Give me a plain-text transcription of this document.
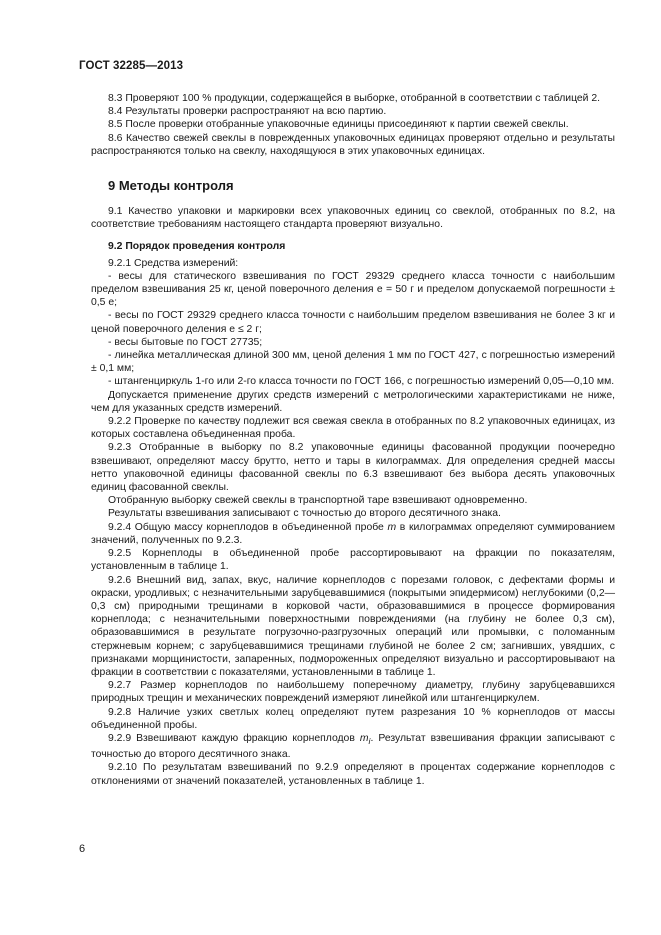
ГОСТ 32285—2013

8.3 Проверяют 100 % продукции, содержащейся в выборке, отобранной в соответствии с таблицей 2.

8.4 Результаты проверки распространяют на всю партию.

8.5 После проверки отобранные упаковочные единицы присоединяют к партии свежей свеклы.

8.6 Качество свежей свеклы в поврежденных упаковочных единицах проверяют отдельно и результаты распространяются только на свеклу, находящуюся в этих упаковочных единицах.

9 Методы контроля

9.1 Качество упаковки и маркировки всех упаковочных единиц со свеклой, отобранных по 8.2, на соответствие требованиям настоящего стандарта проверяют визуально.

9.2 Порядок проведения контроля

9.2.1 Средства измерений:

- весы для статического взвешивания по ГОСТ 29329 среднего класса точности с наибольшим пределом взвешивания 25 кг, ценой поверочного деления е = 50 г и пределом допускаемой погрешности ± 0,5 е;

- весы по ГОСТ 29329 среднего класса точности с наибольшим пределом взвешивания не более 3 кг и ценой поверочного деления е ≤ 2 г;

- весы бытовые по ГОСТ 27735;

- линейка металлическая длиной 300 мм, ценой деления 1 мм по ГОСТ 427, с погрешностью измерений ± 0,1 мм;

- штангенциркуль 1-го или 2-го класса точности по ГОСТ 166, с погрешностью измерений 0,05—0,10 мм.

Допускается применение других средств измерений с метрологическими характеристиками не ниже, чем для указанных средств измерений.

9.2.2 Проверке по качеству подлежит вся свежая свекла в отобранных по 8.2 упаковочных единицах, из которых составлена объединенная проба.

9.2.3 Отобранные в выборку по 8.2 упаковочные единицы фасованной продукции поочередно взвешивают, определяют массу брутто, нетто и тары в килограммах. Для определения средней массы нетто упаковочной единицы фасованной свеклы по 6.3 взвешивают без выбора десять упаковочных единиц фасованной свеклы.

Отобранную выборку свежей свеклы в транспортной таре взвешивают одновременно.

Результаты взвешивания записывают с точностью до второго десятичного знака.

9.2.4 Общую массу корнеплодов в объединенной пробе m в килограммах определяют суммированием значений, полученных по 9.2.3.

9.2.5 Корнеплоды в объединенной пробе рассортировывают на фракции по показателям, установленным в таблице 1.

9.2.6 Внешний вид, запах, вкус, наличие корнеплодов с порезами головок, с дефектами формы и окраски, уродливых; с незначительными зарубцевавшимися (покрытыми эпидермисом) неглубокими (0,2—0,3 см) природными трещинами в корковой части, образовавшимися в процессе формирования корнеплода; с незначительными поверхностными повреждениями (на глубину не более 0,3 см), образовавшимися в результате погрузочно-разгрузочных операций или промывки, с поломанным стержневым корнем; с зарубцевавшимися трещинами глубиной не более 2 см; загнивших, увядших, с признаками морщинистости, запаренных, подмороженных определяют визуально и рассортировывают на фракции в соответствии с показателями, установленными в таблице 1.

9.2.7 Размер корнеплодов по наибольшему поперечному диаметру, глубину зарубцевавшихся природных трещин и механических повреждений измеряют линейкой или штангенциркулем.

9.2.8 Наличие узких светлых колец определяют путем разрезания 10 % корнеплодов от массы объединенной пробы.

9.2.9 Взвешивают каждую фракцию корнеплодов $m_i$. Результат взвешивания фракции записывают с точностью до второго десятичного знака.

9.2.10 По результатам взвешиваний по 9.2.9 определяют в процентах содержание корнеплодов с отклонениями от значений показателей, установленных в таблице 1.

6
